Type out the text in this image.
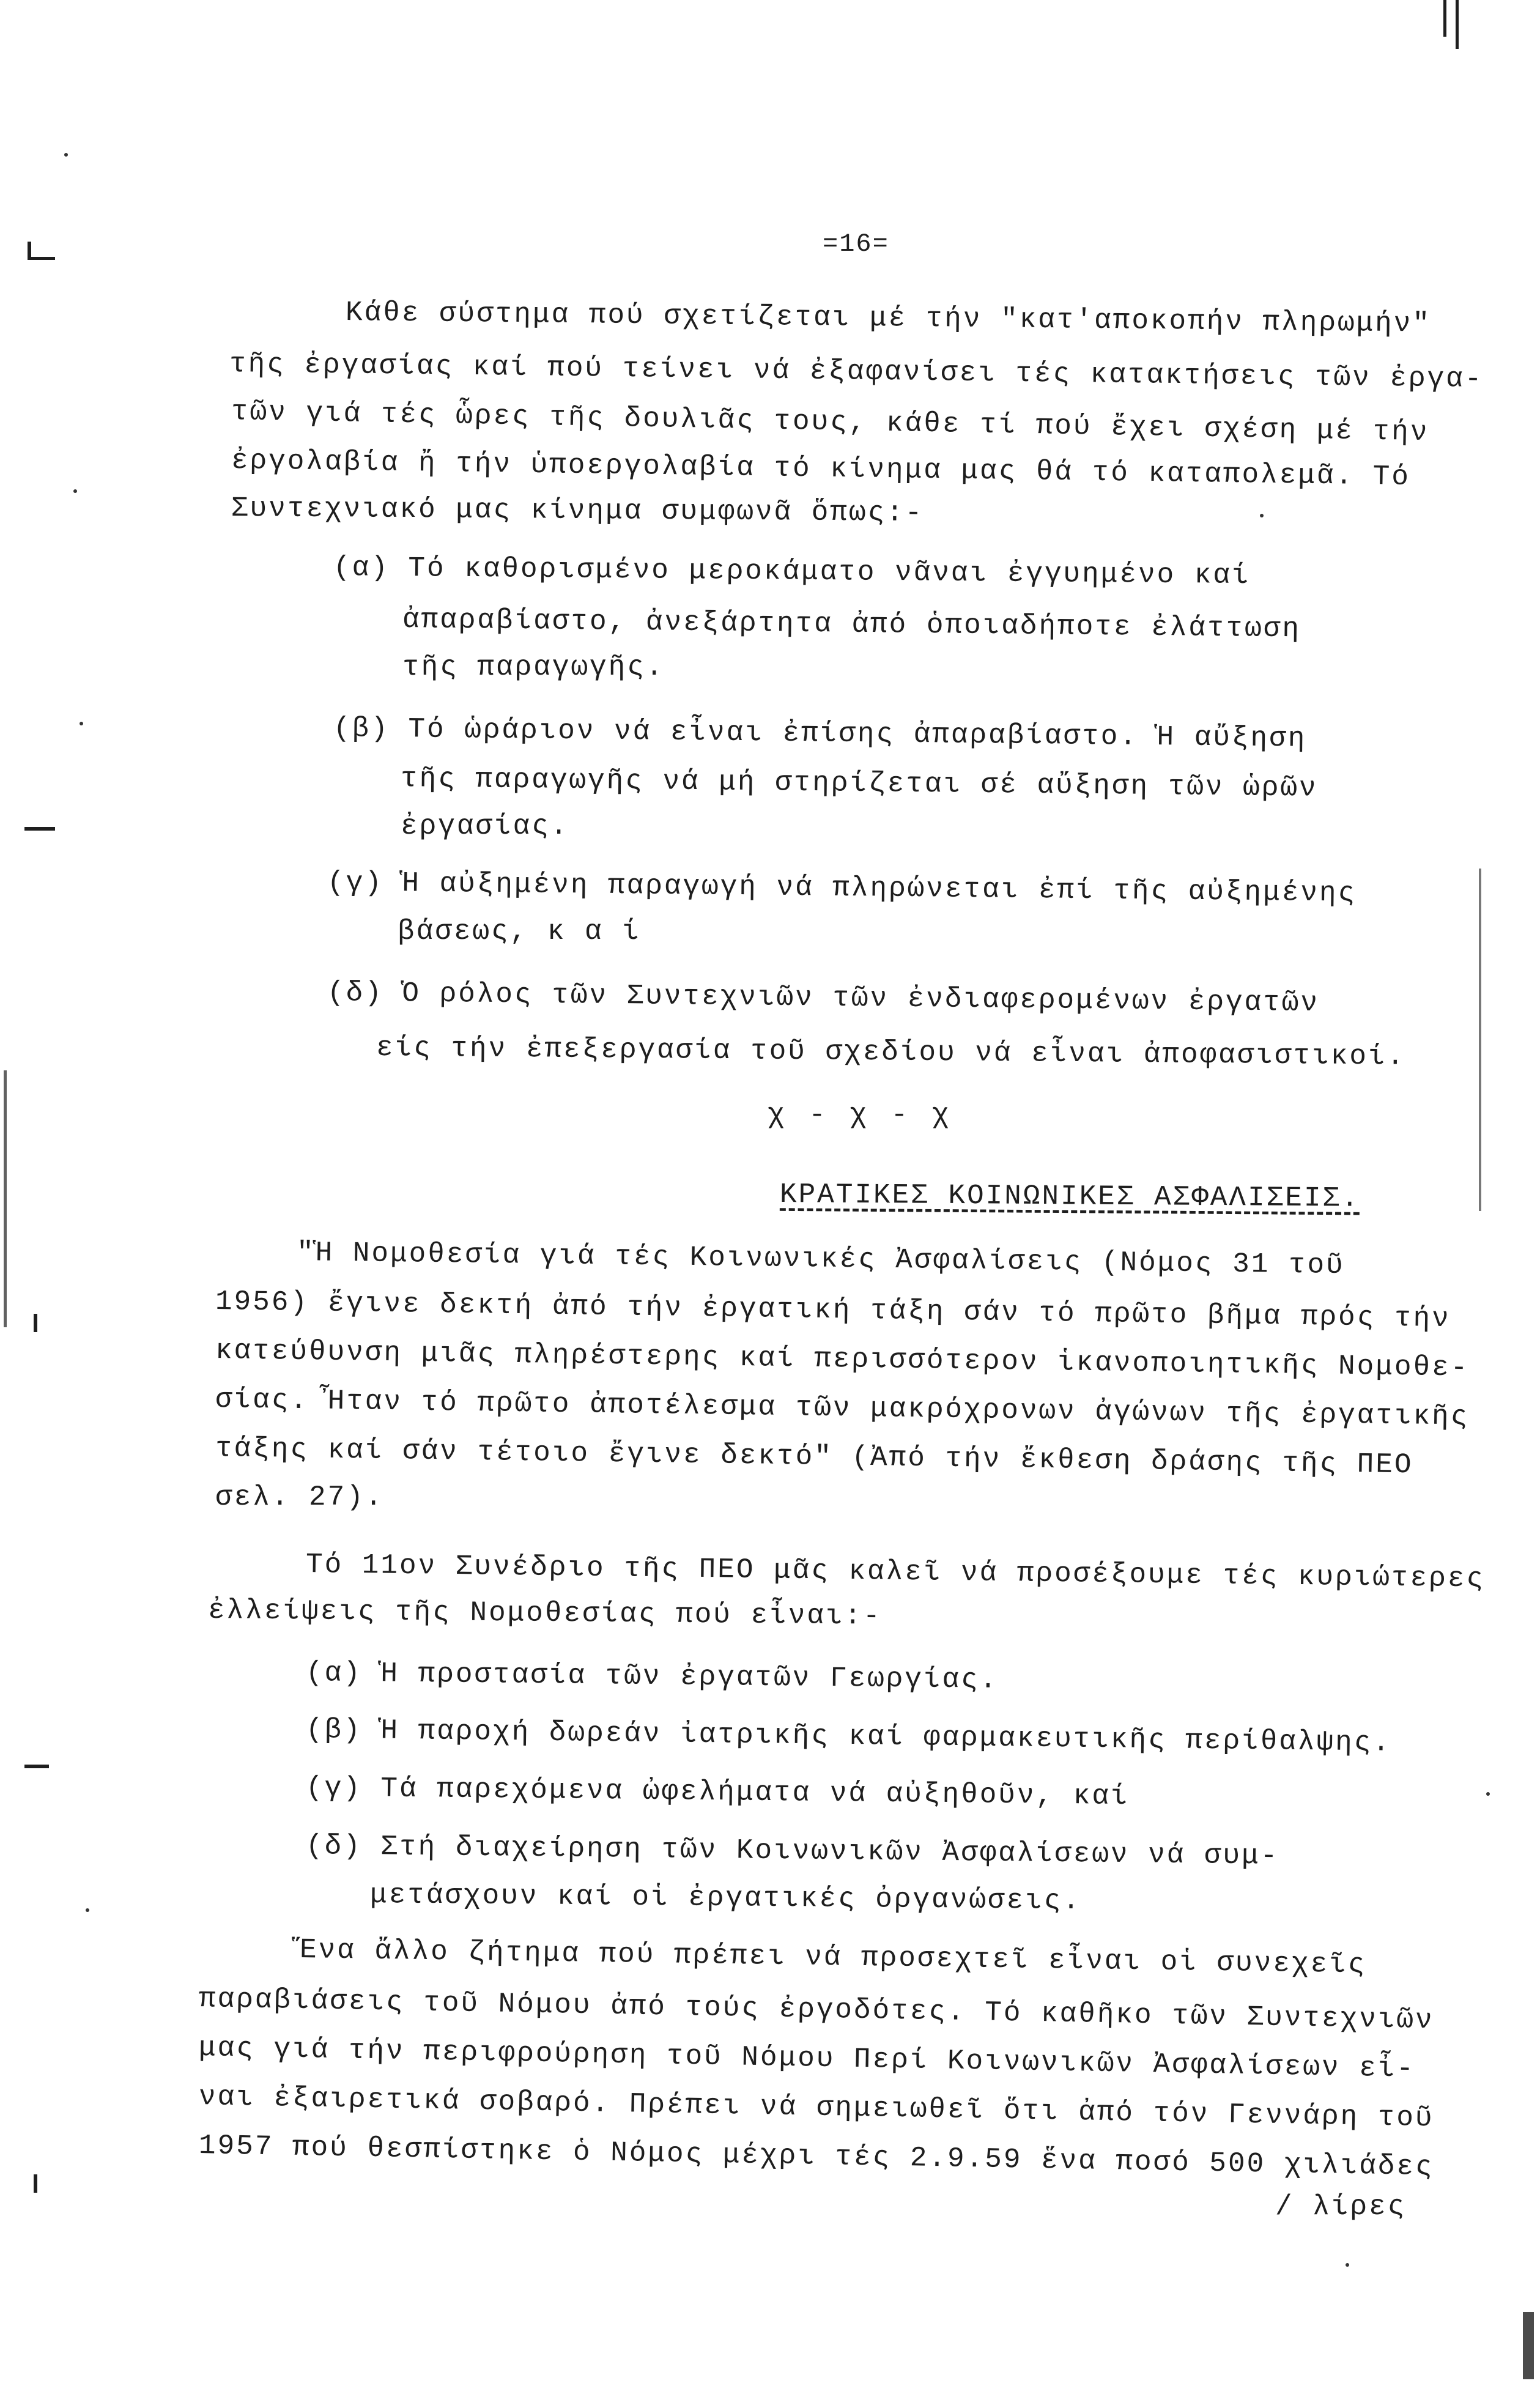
=16=
Κάθε σύστημα πού σχετίζεται μέ τήν "κατ'αποκοπήν πληρωμήν"
τῆς ἐργασίας καί πού τείνει νά ἐξαφανίσει τές κατακτήσεις τῶν ἐργα-
τῶν γιά τές ὧρες τῆς δουλιᾶς τους, κάθε τί πού ἔχει σχέση μέ τήν
ἐργολαβία ἤ τήν ὑποεργολαβία τό κίνημα μας θά τό καταπολεμᾶ. Τό
Συντεχνιακό μας κίνημα συμφωνᾶ ὅπως:-
(α) Τό καθορισμένο μεροκάματο νᾶναι ἐγγυημένο καί
ἀπαραβίαστο, ἀνεξάρτητα ἀπό ὁποιαδήποτε ἐλάττωση
τῆς παραγωγῆς.
(β) Τό ὡράριον νά εἶναι ἐπίσης ἀπαραβίαστο. Ἡ αὔξηση
τῆς παραγωγῆς νά μή στηρίζεται σέ αὔξηση τῶν ὡρῶν
ἐργασίας.
(γ) Ἡ αὐξημένη παραγωγή νά πληρώνεται ἐπί τῆς αὐξημένης
βάσεως, κ α ί
(δ) Ὁ ρόλος τῶν Συντεχνιῶν τῶν ἐνδιαφερομένων ἐργατῶν
είς τήν ἐπεξεργασία τοῦ σχεδίου νά εἶναι ἀποφασιστικοί.
χ - χ - χ
ΚΡΑΤΙΚΕΣ ΚΟΙΝΩΝΙΚΕΣ ΑΣΦΑΛΙΣΕΙΣ.
"Ἡ Νομοθεσία γιά τές Κοινωνικές Ἀσφαλίσεις (Νόμος 31 τοῦ
1956) ἔγινε δεκτή ἀπό τήν ἐργατική τάξη σάν τό πρῶτο βῆμα πρός τήν
κατεύθυνση μιᾶς πληρέστερης καί περισσότερον ἱκανοποιητικῆς Νομοθε-
σίας. Ἦταν τό πρῶτο ἀποτέλεσμα τῶν μακρόχρονων ἀγώνων τῆς ἐργατικῆς
τάξης καί σάν τέτοιο ἔγινε δεκτό" (Ἀπό τήν ἔκθεση δράσης τῆς ΠΕΟ
σελ. 27).
Τό 11ον Συνέδριο τῆς ΠΕΟ μᾶς καλεῖ νά προσέξουμε τές κυριώτερες
ἐλλείψεις τῆς Νομοθεσίας πού εἶναι:-
(α) Ἡ προστασία τῶν ἐργατῶν Γεωργίας.
(β) Ἡ παροχή δωρεάν ἰατρικῆς καί φαρμακευτικῆς περίθαλψης.
(γ) Τά παρεχόμενα ὠφελήματα νά αὐξηθοῦν, καί
(δ) Στή διαχείρηση τῶν Κοινωνικῶν Ἀσφαλίσεων νά συμ-
μετάσχουν καί οἱ ἐργατικές ὀργανώσεις.
Ἕνα ἄλλο ζήτημα πού πρέπει νά προσεχτεῖ εἶναι οἱ συνεχεῖς
παραβιάσεις τοῦ Νόμου ἀπό τούς ἐργοδότες. Τό καθῆκο τῶν Συντεχνιῶν
μας γιά τήν περιφρούρηση τοῦ Νόμου Περί Κοινωνικῶν Ἀσφαλίσεων εἶ-
ναι ἐξαιρετικά σοβαρό. Πρέπει νά σημειωθεῖ ὅτι ἀπό τόν Γεννάρη τοῦ
1957 πού θεσπίστηκε ὁ Νόμος μέχρι τές 2.9.59 ἕνα ποσό 500 χιλιάδες
/ λίρες
